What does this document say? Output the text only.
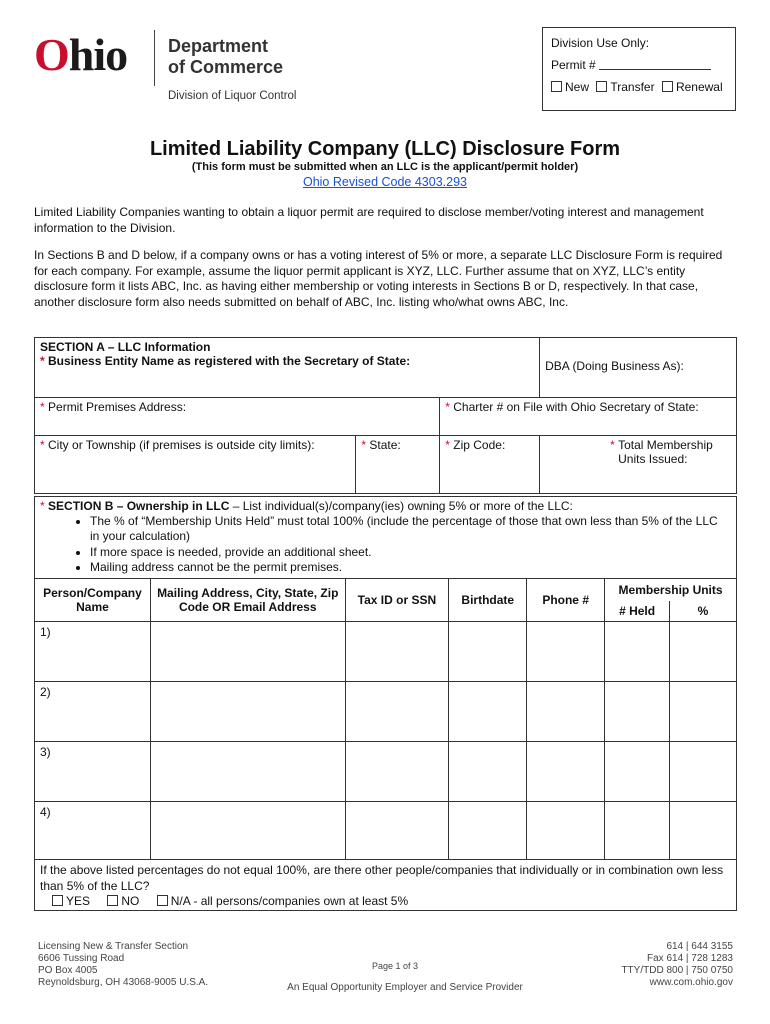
Ohio Department
of Commerce
Division of Liquor Control
Division Use Only:
Permit #
New Transfer Renewal
Limited Liability Company (LLC) Disclosure Form
(This form must be submitted when an LLC is the applicant/permit holder)
Ohio Revised Code 4303.293
Limited Liability Companies wanting to obtain a liquor permit are required to disclose member/voting interest and management information to the Division.
In Sections B and D below, if a company owns or has a voting interest of 5% or more, a separate LLC Disclosure Form is required for each company. For example, assume the liquor permit applicant is XYZ, LLC. Further assume that on XYZ, LLC’s entity disclosure form it lists ABC, Inc. as having either membership or voting interests in Sections B or D, respectively. In that case, another disclosure form also needs submitted on behalf of ABC, Inc. listing who/what owns ABC, Inc.
SECTION A – LLC Information
* Business Entity Name as registered with the Secretary of State:			DBA (Doing Business As):
* Permit Premises Address:		* Charter # on File with Ohio Secretary of State:	
* City or Township (if premises is outside city limits):	* State:	* Zip Code:	* Total Membership Units Issued:
* SECTION B – Ownership in LLC – List individual(s)/company(ies) owning 5% or more of the LLC:
• The % of “Membership Units Held” must total 100% (include the percentage of those that own less than 5% of the LLC in your calculation)
• If more space is needed, provide an additional sheet.
• Mailing address cannot be the permit premises.
Person/Company Name	Mailing Address, City, State, Zip Code OR Email Address	Tax ID or SSN	Birthdate	Phone #	Membership Units	
					# Held	%
1)						
2)						
3)						
4)						
If the above listed percentages do not equal 100%, are there other people/companies that individually or in combination own less than 5% of the LLC?
YES	NO	N/A - all persons/companies own at least 5%
Licensing New & Transfer Section
6606 Tussing Road
PO Box 4005
Reynoldsburg, OH 43068-9005 U.S.A.
Page 1 of 3
An Equal Opportunity Employer and Service Provider
614 | 644 3155
Fax 614 | 728 1283
TTY/TDD 800 | 750 0750
www.com.ohio.gov
